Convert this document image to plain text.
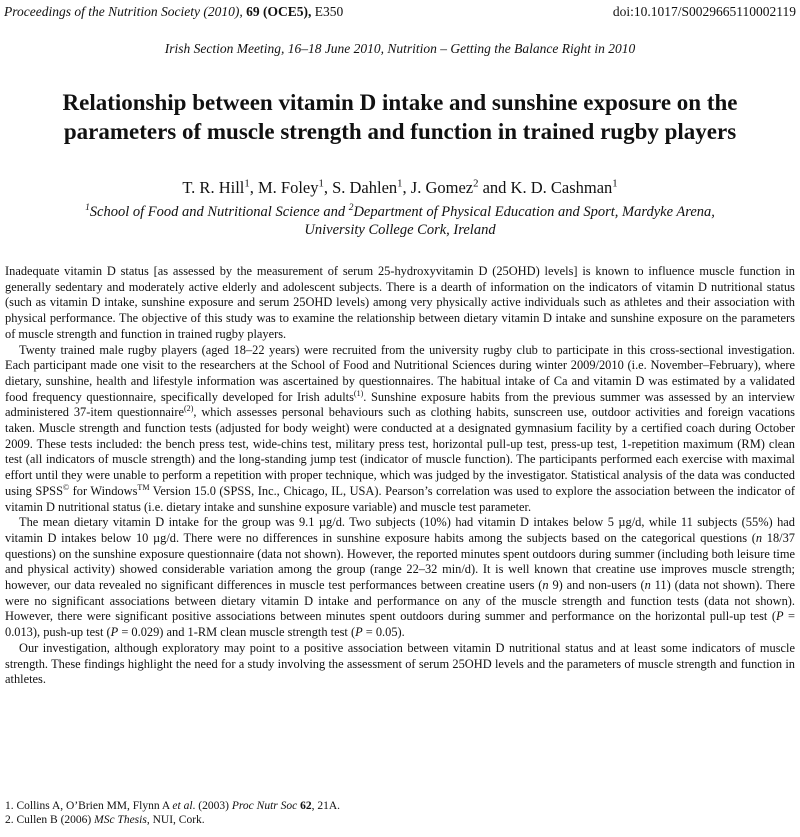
Proceedings of the Nutrition Society (2010), 69 (OCE5), E350	doi:10.1017/S0029665110002119
Irish Section Meeting, 16–18 June 2010, Nutrition – Getting the Balance Right in 2010
Relationship between vitamin D intake and sunshine exposure on the
parameters of muscle strength and function in trained rugby players
T. R. Hill$^1$, M. Foley$^1$, S. Dahlen$^1$, J. Gomez$^2$ and K. D. Cashman$^1$
$^1$School of Food and Nutritional Science and $^2$Department of Physical Education and Sport, Mardyke Arena,
University College Cork, Ireland

Inadequate vitamin D status [as assessed by the measurement of serum 25-hydroxyvitamin D (25OHD) levels] is known to influence muscle function in generally sedentary and moderately active elderly and adolescent subjects. There is a dearth of information on the indicators of vitamin D nutritional status (such as vitamin D intake, sunshine exposure and serum 25OHD levels) among very physically active individuals such as athletes and their association with physical performance. The objective of this study was to examine the relationship between dietary vitamin D intake and sunshine exposure on the parameters of muscle strength and function in trained rugby players.

Twenty trained male rugby players (aged 18–22 years) were recruited from the university rugby club to participate in this cross-sectional investigation. Each participant made one visit to the researchers at the School of Food and Nutritional Sciences during winter 2009/2010 (i.e. November–February), where dietary, sunshine, health and lifestyle information was ascertained by questionnaires. The habitual intake of Ca and vitamin D was estimated by a validated food frequency questionnaire, specifically developed for Irish adults$^{(1)}$. Sunshine exposure habits from the previous summer was assessed by an interview administered 37-item questionnaire$^{(2)}$, which assesses personal behaviours such as clothing habits, sunscreen use, outdoor activities and foreign vacations taken. Muscle strength and function tests (adjusted for body weight) were conducted at a designated gymnasium facility by a certified coach during October 2009. These tests included: the bench press test, wide-chins test, military press test, horizontal pull-up test, press-up test, 1-repetition maximum (RM) clean test (all indicators of muscle strength) and the long-standing jump test (indicator of muscle function). The participants performed each exercise with maximal effort until they were unable to perform a repetition with proper technique, which was judged by the investigator. Statistical analysis of the data was conducted using SPSS© for Windows™ Version 15.0 (SPSS, Inc., Chicago, IL, USA). Pearson’s correlation was used to explore the association between the indicator of vitamin D nutritional status (i.e. dietary intake and sunshine exposure variable) and muscle test parameter.

The mean dietary vitamin D intake for the group was 9.1 µg/d. Two subjects (10%) had vitamin D intakes below 5 µg/d, while 11 subjects (55%) had vitamin D intakes below 10 µg/d. There were no differences in sunshine exposure habits among the subjects based on the categorical questions (n 18/37 questions) on the sunshine exposure questionnaire (data not shown). However, the reported minutes spent outdoors during summer (including both leisure time and physical activity) showed considerable variation among the group (range 22–32 min/d). It is well known that creatine use improves muscle strength; however, our data revealed no significant differences in muscle test performances between creatine users (n 9) and non-users (n 11) (data not shown). There were no significant associations between dietary vitamin D intake and performance on any of the muscle strength and function tests (data not shown). However, there were significant positive associations between minutes spent outdoors during summer and performance on the horizontal pull-up test (P = 0.013), push-up test (P = 0.029) and 1-RM clean muscle strength test (P = 0.05).

Our investigation, although exploratory may point to a positive association between vitamin D nutritional status and at least some indicators of muscle strength. These findings highlight the need for a study involving the assessment of serum 25OHD levels and the parameters of muscle strength and function in athletes.

1. Collins A, O’Brien MM, Flynn A et al. (2003) Proc Nutr Soc 62, 21A.
2. Cullen B (2006) MSc Thesis, NUI, Cork.
